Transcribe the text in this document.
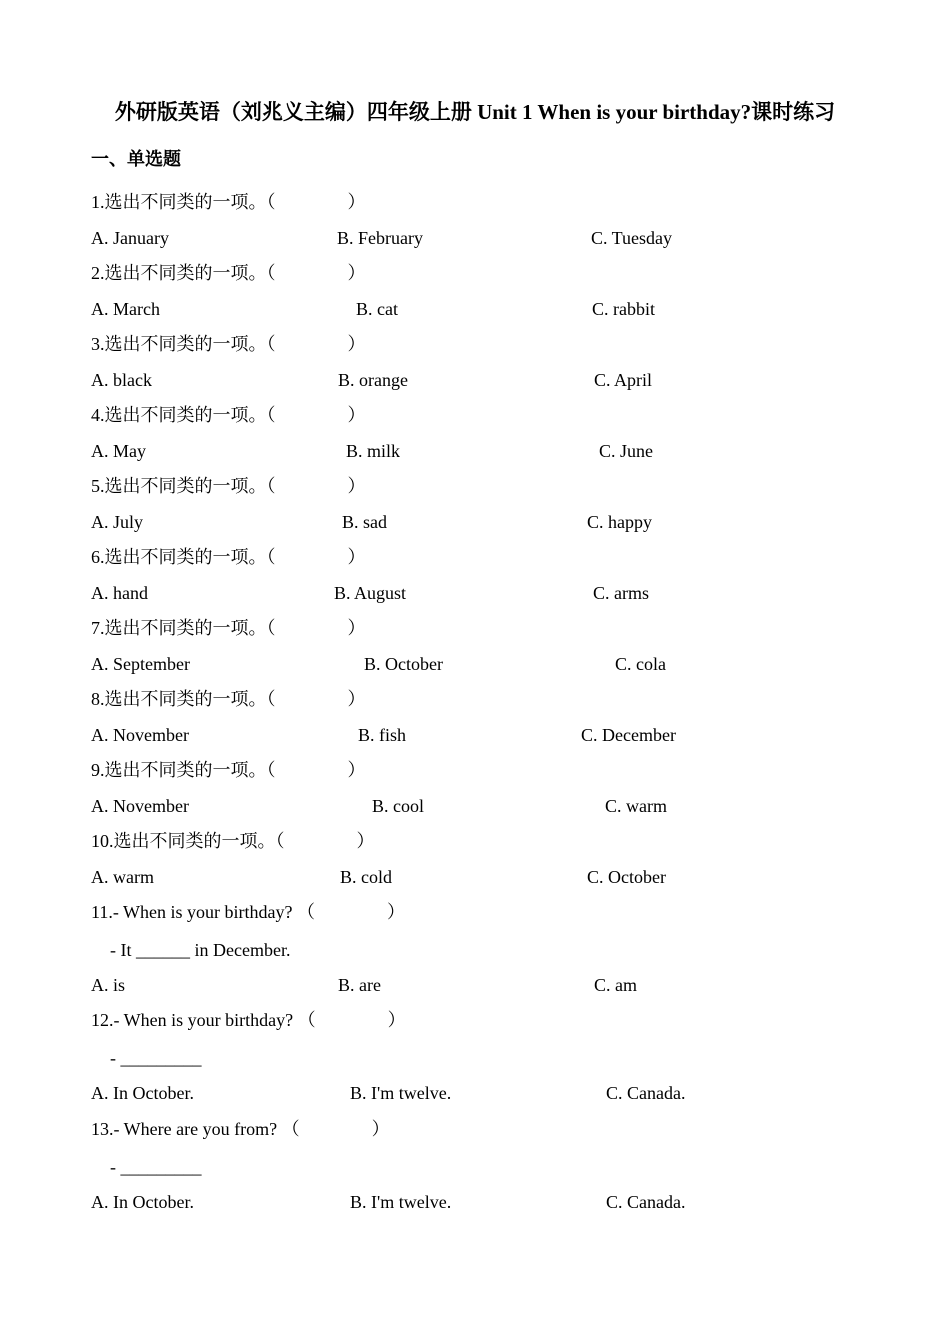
外研版英语（刘兆义主编）四年级上册 Unit 1 When is your birthday?课时练习
一、单选题
1.选出不同类的一项。（　　　　）
A. January	B. February	C. Tuesday
2.选出不同类的一项。（　　　　）
A. March	B. cat	C. rabbit
3.选出不同类的一项。（　　　　）
A. black	B. orange	C. April
4.选出不同类的一项。（　　　　）
A. May	B. milk	C. June
5.选出不同类的一项。（　　　　）
A. July	B. sad	C. happy
6.选出不同类的一项。（　　　　）
A. hand	B. August	C. arms
7.选出不同类的一项。（　　　　）
A. September	B. October	C. cola
8.选出不同类的一项。（　　　　）
A. November	B. fish	C. December
9.选出不同类的一项。（　　　　）
A. November	B. cool	C. warm
10.选出不同类的一项。（　　　　）
A. warm	B. cold	C. October
11.- When is your birthday? （　　　　）
- It ______ in December.
A. is	B. are	C. am
12.- When is your birthday? （　　　　）
- _________
A. In October.	B. I'm twelve.	C. Canada.
13.- Where are you from? （　　　　）
- _________
A. In October.	B. I'm twelve.	C. Canada.
